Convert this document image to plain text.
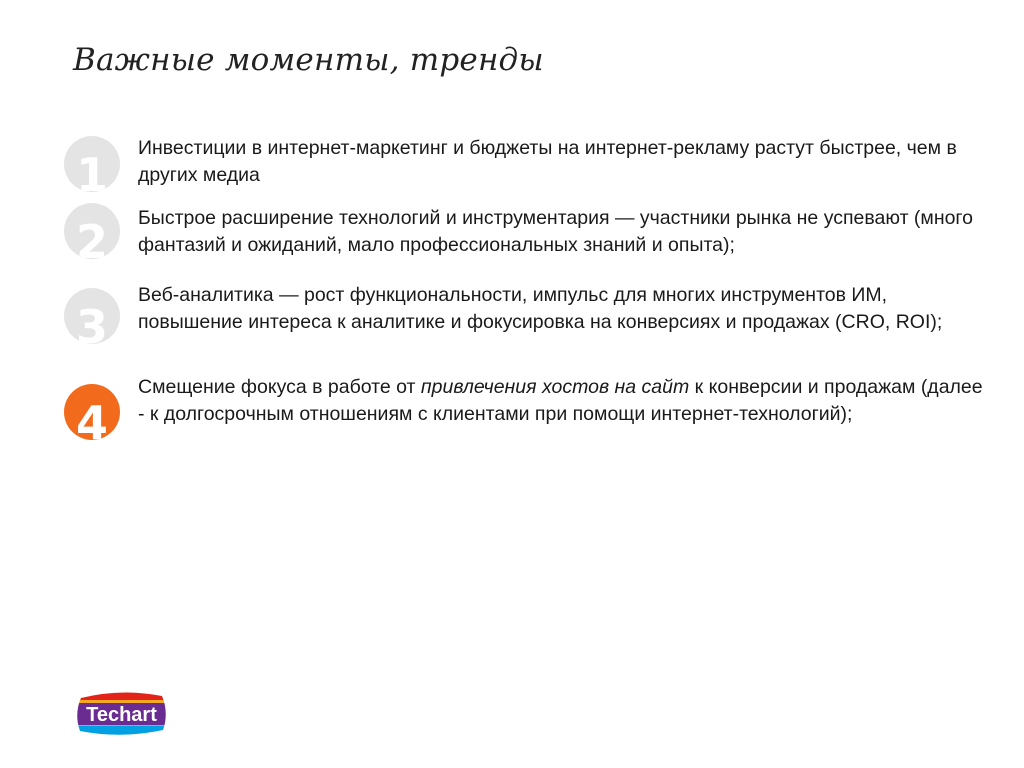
Важные моменты, тренды
1	Инвестиции в интернет-маркетинг и бюджеты на интернет-рекламу растут быстрее, чем в других медиа
2	Быстрое расширение технологий и инструментария — участники рынка не успевают (много фантазий и ожиданий, мало профессиональных знаний и опыта);
3
Веб-аналитика — рост функциональности, импульс для многих инструментов ИМ, повышение интереса к аналитике и фокусировка на конверсиях и продажах (CRO, ROI);
4
Смещение фокуса в работе от привлечения хостов на сайт к конверсии и продажам (далее - к долгосрочным отношениям с клиентами при помощи интернет-технологий);
Techart
